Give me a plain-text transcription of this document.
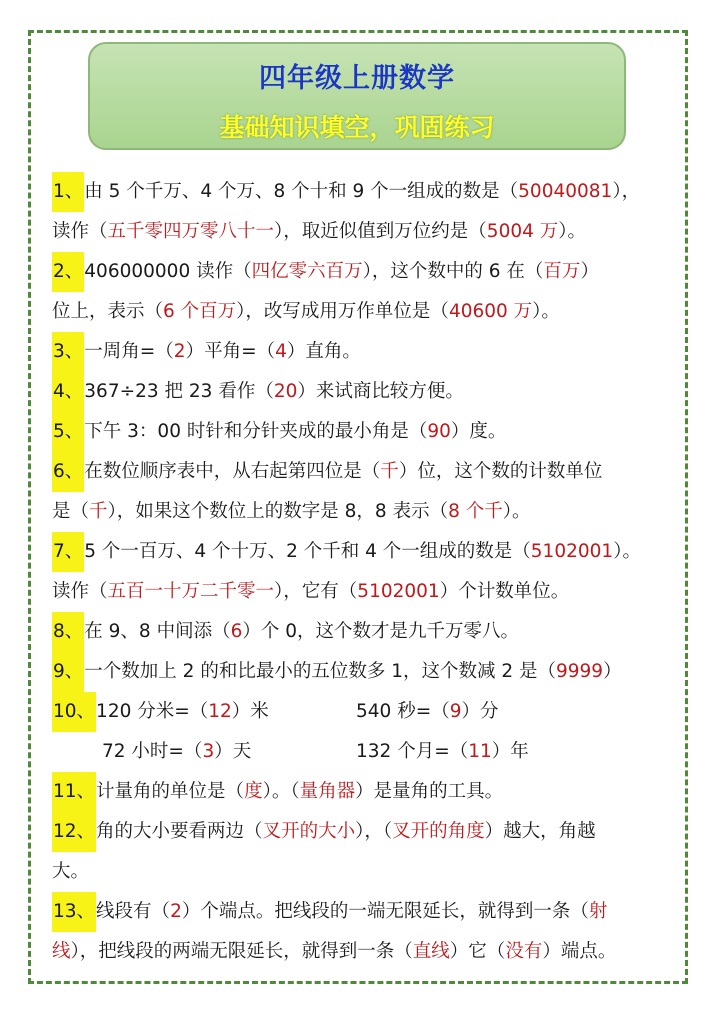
四年级上册数学
基础知识填空，巩固练习
1、由 5 个千万、4 个万、8 个十和 9 个一组成的数是（50040081），
读作（五千零四万零八十一），取近似值到万位约是（5004 万）。
2、406000000 读作（四亿零六百万），这个数中的 6 在（百万）
位上，表示（6 个百万），改写成用万作单位是（40600 万）。
3、一周角=（2）平角=（4）直角。
4、367÷23 把 23 看作（20）来试商比较方便。
5、下午 3：00 时针和分针夹成的最小角是（90）度。
6、在数位顺序表中，从右起第四位是（千）位，这个数的计数单位
是（千），如果这个数位上的数字是 8，8 表示（8 个千）。
7、5 个一百万、4 个十万、2 个千和 4 个一组成的数是（5102001）。
读作（五百一十万二千零一），它有（5102001）个计数单位。
8、在 9、8 中间添（6）个 0，这个数才是九千万零八。
9、一个数加上 2 的和比最小的五位数多 1，这个数减 2 是（9999）
10、120 分米=（12）米	540 秒=（9）分
72 小时=（3）天	132 个月=（11）年
11、计量角的单位是（度）。（量角器）是量角的工具。
12、角的大小要看两边（叉开的大小），（叉开的角度）越大，角越
大。
13、线段有（2）个端点。把线段的一端无限延长，就得到一条（射
线），把线段的两端无限延长，就得到一条（直线）它（没有）端点。
